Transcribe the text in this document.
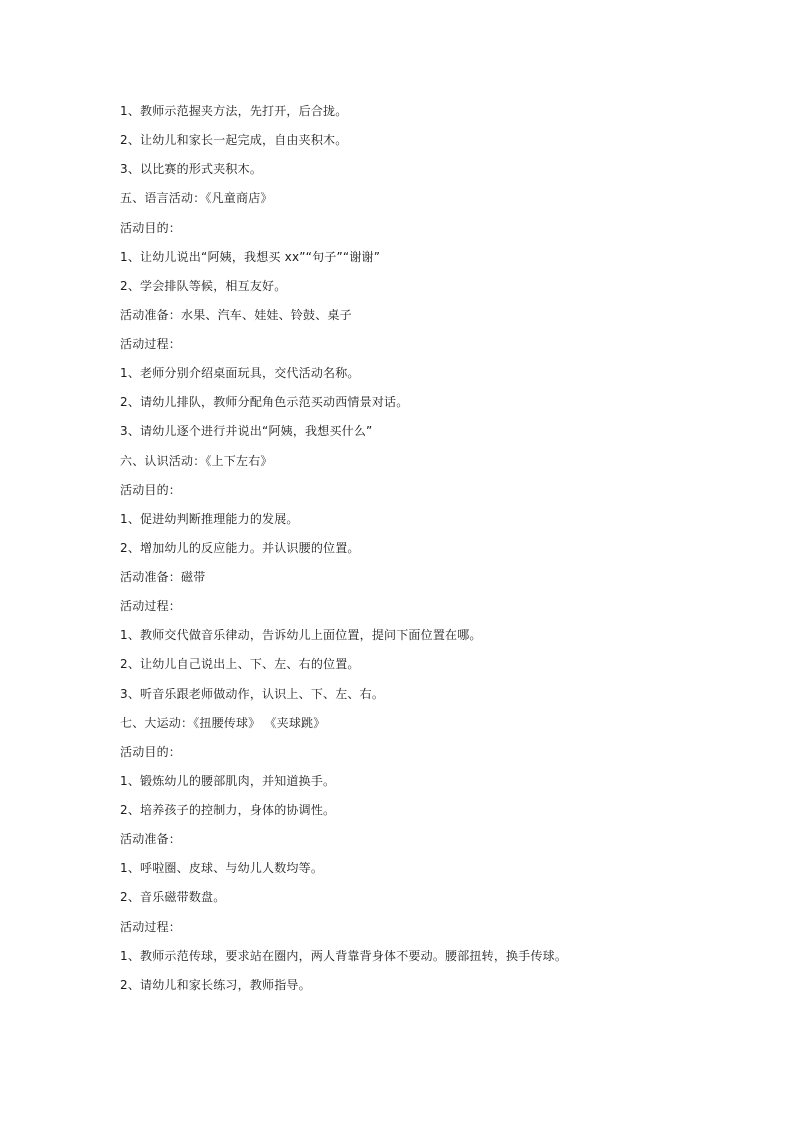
1、教师示范握夹方法，先打开，后合拢。
2、让幼儿和家长一起完成，自由夹积木。
3、以比赛的形式夹积木。
五、语言活动：《凡童商店》
活动目的：
1、让幼儿说出“阿姨，我想买 xx”“句子”“谢谢”
2、学会排队等候，相互友好。
活动准备：水果、汽车、娃娃、铃鼓、桌子
活动过程：
1、老师分别介绍桌面玩具，交代活动名称。
2、请幼儿排队，教师分配角色示范买动西情景对话。
3、请幼儿逐个进行并说出“阿姨，我想买什么”
六、认识活动：《上下左右》
活动目的：
1、促进幼判断推理能力的发展。
2、增加幼儿的反应能力。并认识腰的位置。
活动准备：磁带
活动过程：
1、教师交代做音乐律动，告诉幼儿上面位置，提问下面位置在哪。
2、让幼儿自己说出上、下、左、右的位置。
3、听音乐跟老师做动作，认识上、下、左、右。
七、大运动：《扭腰传球》 《夹球跳》
活动目的：
1、锻炼幼儿的腰部肌肉，并知道换手。
2、培养孩子的控制力，身体的协调性。
活动准备：
1、呼啦圈、皮球、与幼儿人数均等。
2、音乐磁带数盘。
活动过程：
1、教师示范传球，要求站在圈内，两人背靠背身体不要动。腰部扭转，换手传球。
2、请幼儿和家长练习，教师指导。
